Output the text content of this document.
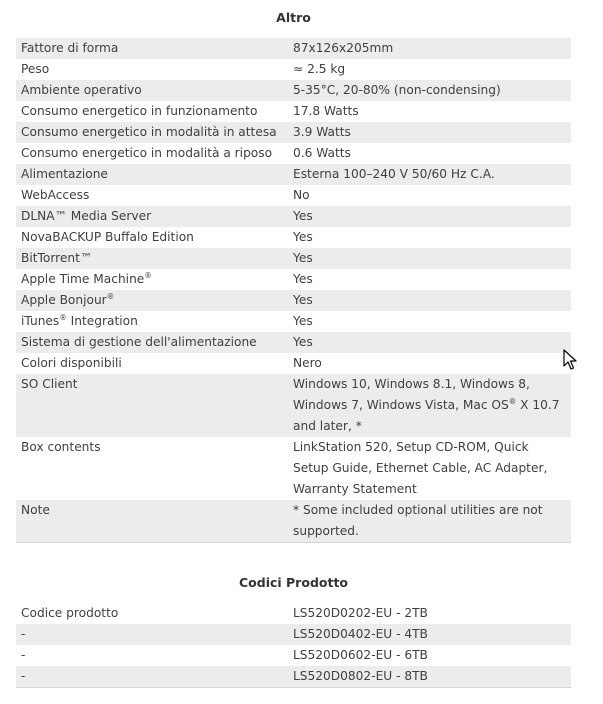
Altro
Fattore di forma	87x126x205mm
Peso	≈ 2.5 kg
Ambiente operativo	5-35°C, 20-80% (non-condensing)
Consumo energetico in funzionamento	17.8 Watts
Consumo energetico in modalità in attesa	3.9 Watts
Consumo energetico in modalità a riposo	0.6 Watts
Alimentazione	Esterna 100–240 V 50/60 Hz C.A.
WebAccess	No
DLNA™ Media Server	Yes
NovaBACKUP Buffalo Edition	Yes
BitTorrent™	Yes
Apple Time Machine®	Yes
Apple Bonjour®	Yes
iTunes® Integration	Yes
Sistema di gestione dell'alimentazione	Yes
Colori disponibili	Nero
SO Client	Windows 10, Windows 8.1, Windows 8, Windows 7, Windows Vista, Mac OS® X 10.7 and later, *
Box contents	LinkStation 520, Setup CD-ROM, Quick Setup Guide, Ethernet Cable, AC Adapter, Warranty Statement
Note	* Some included optional utilities are not supported.
Codici Prodotto
Codice prodotto	LS520D0202-EU - 2TB
-	LS520D0402-EU - 4TB
-	LS520D0602-EU - 6TB
-	LS520D0802-EU - 8TB
